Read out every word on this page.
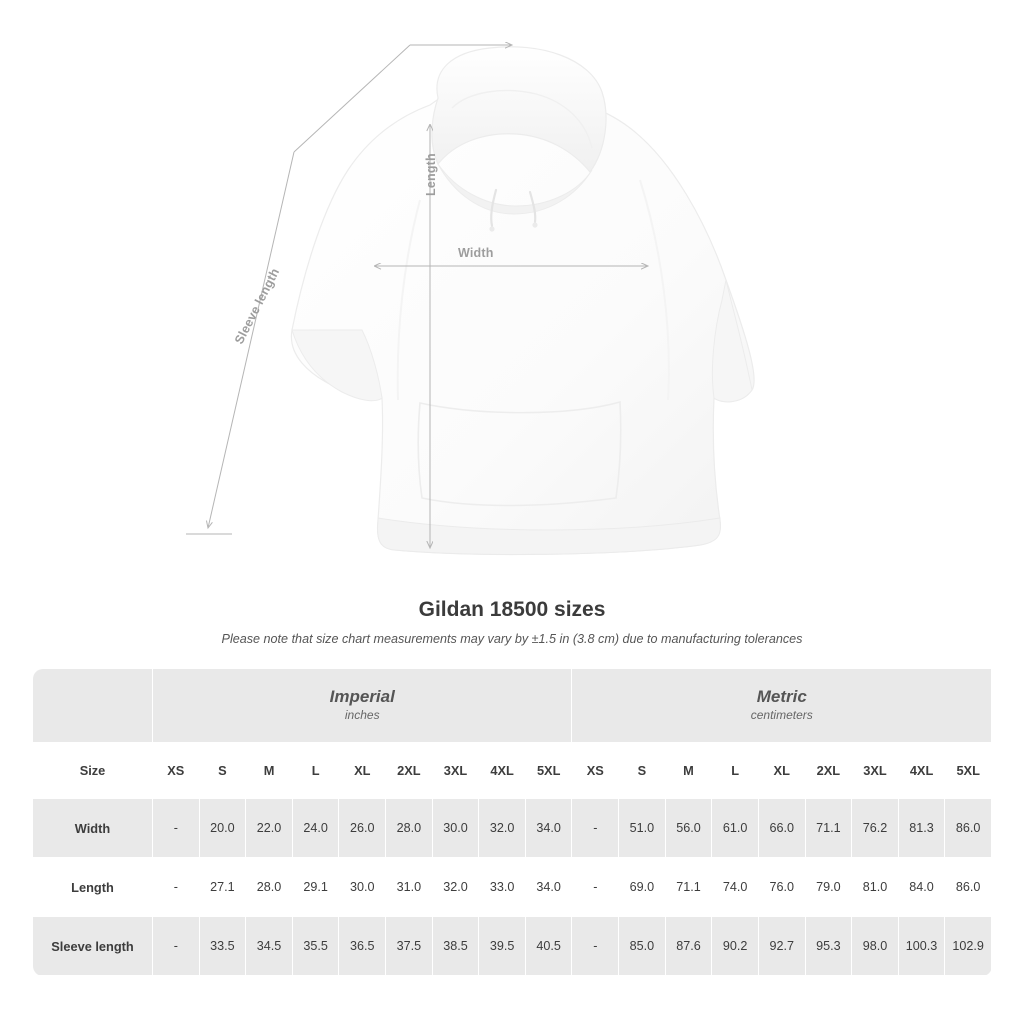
Length
Width
Sleeve length
Gildan 18500 sizes

Please note that size chart measurements may vary by ±1.5 in (3.8 cm) due to manufacturing tolerances

	Imperial
inches									Metric
centimeters								

Size	XS	S	M	L	XL	2XL	3XL	4XL	5XL	XS	S	M	L	XL	2XL	3XL	4XL	5XL
Width	-	20.0	22.0	24.0	26.0	28.0	30.0	32.0	34.0	-	51.0	56.0	61.0	66.0	71.1	76.2	81.3	86.0
Length	-	27.1	28.0	29.1	30.0	31.0	32.0	33.0	34.0	-	69.0	71.1	74.0	76.0	79.0	81.0	84.0	86.0
Sleeve length	-	33.5	34.5	35.5	36.5	37.5	38.5	39.5	40.5	-	85.0	87.6	90.2	92.7	95.3	98.0	100.3	102.9
